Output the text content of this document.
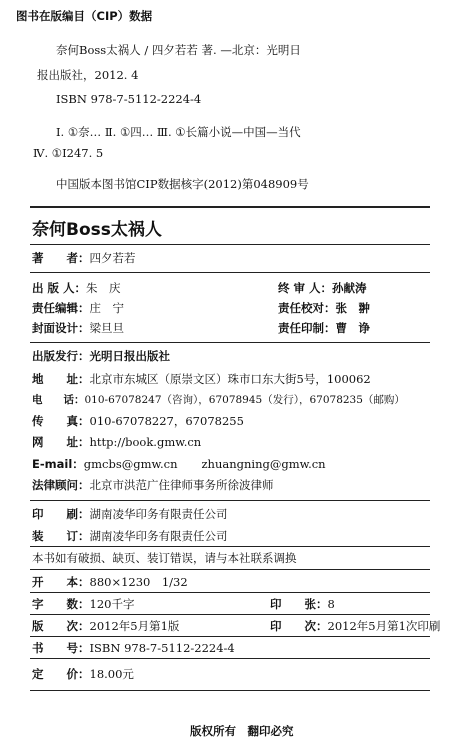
图书在版编目（CIP）数据
奈何Boss太祸人 / 四夕若若 著. —北京：光明日
报出版社，2012. 4
ISBN 978-7-5112-2224-4
Ⅰ. ①奈… Ⅱ. ①四… Ⅲ. ①长篇小说—中国—当代
Ⅳ. ①I247. 5
中国版本图书馆CIP数据核字(2012)第048909号
奈何Boss太祸人
著　　者：四夕若若
出 版 人：朱　庆	终 审 人：孙献涛
责任编辑：庄　宁	责任校对：张　翀
封面设计：梁旦旦	责任印制：曹　诤
出版发行：光明日报出版社
地　　址：北京市东城区（原崇文区）珠市口东大街5号，100062
电　　话：010-67078247（咨询），67078945（发行），67078235（邮购）
传　　真：010-67078227，67078255
网　　址：http://book.gmw.cn
E-mail：gmcbs@gmw.cn zhuangning@gmw.cn
法律顾问：北京市洪范广住律师事务所徐波律师
印　　刷：湖南凌华印务有限责任公司
装　　订：湖南凌华印务有限责任公司
本书如有破损、缺页、装订错误，请与本社联系调换
开　　本：880×1230　1/32
字　　数：120千字	印　　张：8
版　　次：2012年5月第1版	印　　次：2012年5月第1次印刷
书　　号：ISBN 978-7-5112-2224-4
定　　价：18.00元
版权所有　翻印必究
